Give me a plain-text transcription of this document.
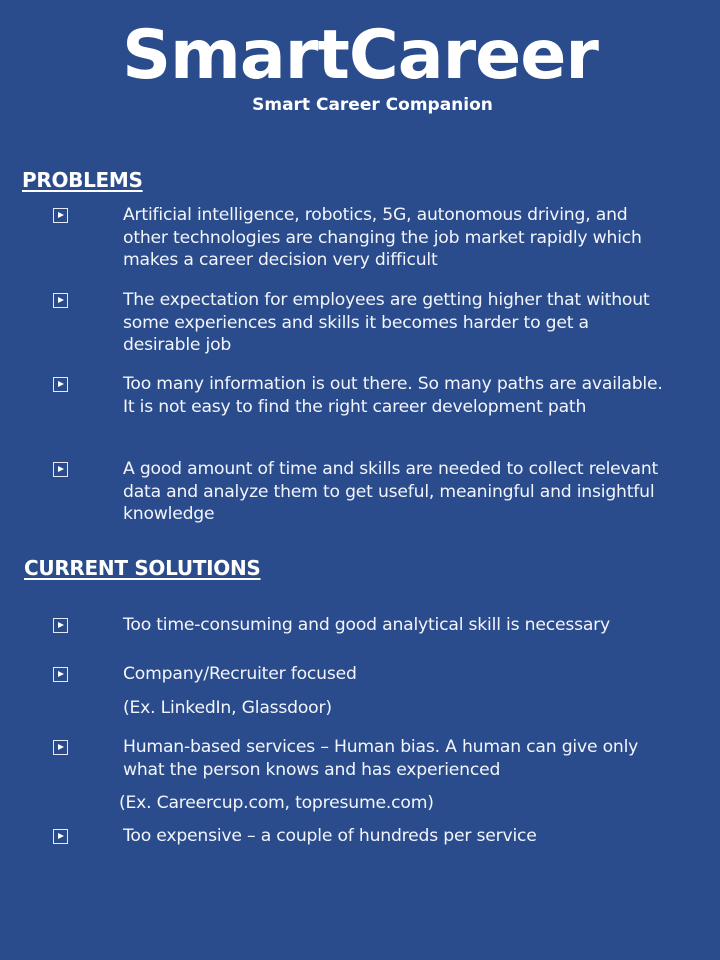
SmartCareer
Smart Career Companion
PROBLEMS
Artificial intelligence, robotics, 5G, autonomous driving, and other technologies are changing the job market rapidly which makes a career decision very difficult
The expectation for employees are getting higher that without some experiences and skills it becomes harder to get a desirable job
Too many information is out there. So many paths are available. It is not easy to find the right career development path
A good amount of time and skills are needed to collect relevant data and analyze them to get useful, meaningful and insightful knowledge
CURRENT SOLUTIONS
Too time-consuming and good analytical skill is necessary
Company/Recruiter focused
(Ex. LinkedIn, Glassdoor)
Human-based services – Human bias. A human can give only what the person knows and has experienced
(Ex. Careercup.com, topresume.com)
Too expensive – a couple of hundreds per service
